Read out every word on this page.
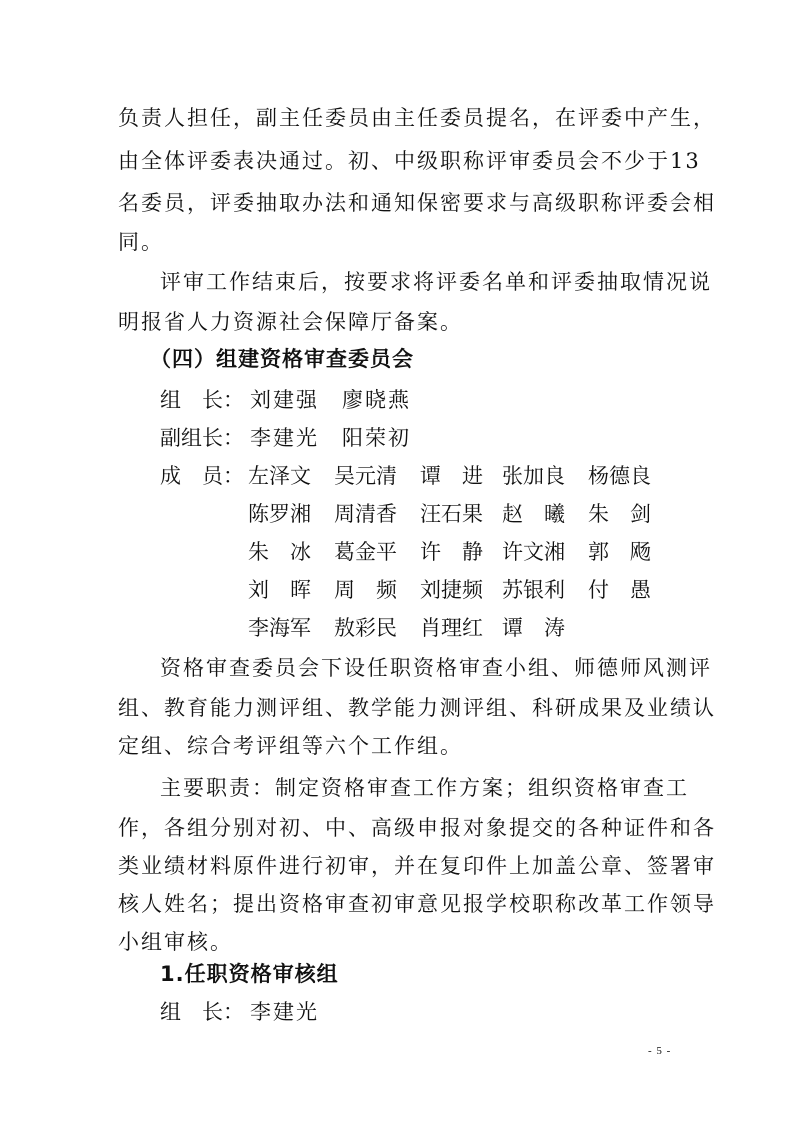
负责人担任，副主任委员由主任委员提名，在评委中产生，
由全体评委表决通过。初、中级职称评审委员会不少于13
名委员，评委抽取办法和通知保密要求与高级职称评委会相
同。
评审工作结束后，按要求将评委名单和评委抽取情况说
明报省人力资源社会保障厅备案。
（四）组建资格审查委员会
组　长： 刘建强　廖晓燕
副组长： 李建光　阳荣初
成　员： 左泽文 吴元清 谭　进 张加良 杨德良
陈罗湘 周清香 汪石果 赵　曦 朱　剑
朱　冰 葛金平 许　静 许文湘 郭　飏
刘　晖 周　频 刘捷频 苏银利 付　愚
李海军 敖彩民 肖理红 谭　涛
资格审查委员会下设任职资格审查小组、师德师风测评
组、教育能力测评组、教学能力测评组、科研成果及业绩认
定组、综合考评组等六个工作组。
主要职责：制定资格审查工作方案；组织资格审查工
作，各组分别对初、中、高级申报对象提交的各种证件和各
类业绩材料原件进行初审，并在复印件上加盖公章、签署审
核人姓名；提出资格审查初审意见报学校职称改革工作领导
小组审核。
1.任职资格审核组
组　长： 李建光
- 5 -
